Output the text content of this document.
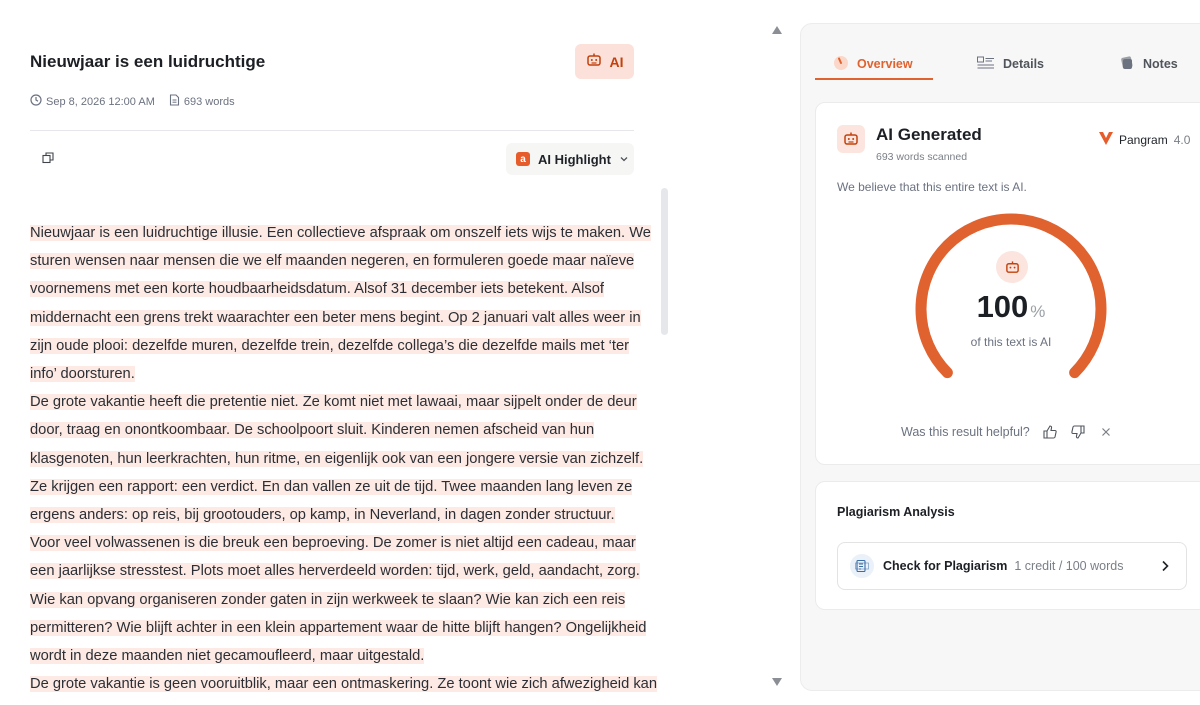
Nieuwjaar is een luidruchtige	AI
Sep 8, 2026 12:00 AM	693 words
a AI Highlight
Nieuwjaar is een luidruchtige illusie. Een collectieve afspraak om onszelf iets wijs te maken. We
sturen wensen naar mensen die we elf maanden negeren, en formuleren goede maar naïeve
voornemens met een korte houdbaarheidsdatum. Alsof 31 december iets betekent. Alsof
middernacht een grens trekt waarachter een beter mens begint. Op 2 januari valt alles weer in
zijn oude plooi: dezelfde muren, dezelfde trein, dezelfde collega’s die dezelfde mails met ‘ter
info’ doorsturen.
De grote vakantie heeft die pretentie niet. Ze komt niet met lawaai, maar sijpelt onder de deur
door, traag en onontkoombaar. De schoolpoort sluit. Kinderen nemen afscheid van hun
klasgenoten, hun leerkrachten, hun ritme, en eigenlijk ook van een jongere versie van zichzelf.
Ze krijgen een rapport: een verdict. En dan vallen ze uit de tijd. Twee maanden lang leven ze
ergens anders: op reis, bij grootouders, op kamp, in Neverland, in dagen zonder structuur.
Voor veel volwassenen is die breuk een beproeving. De zomer is niet altijd een cadeau, maar
een jaarlijkse stresstest. Plots moet alles herverdeeld worden: tijd, werk, geld, aandacht, zorg.
Wie kan opvang organiseren zonder gaten in zijn werkweek te slaan? Wie kan zich een reis
permitteren? Wie blijft achter in een klein appartement waar de hitte blijft hangen? Ongelijkheid
wordt in deze maanden niet gecamoufleerd, maar uitgestald.
De grote vakantie is geen vooruitblik, maar een ontmaskering. Ze toont wie zich afwezigheid kan
Overview	Details	Notes
AI Generated
693 words scanned
Pangram 4.0
We believe that this entire text is AI.
100 %
of this text is AI
Was this result helpful?
Plagiarism Analysis
Check for Plagiarism 1 credit / 100 words
